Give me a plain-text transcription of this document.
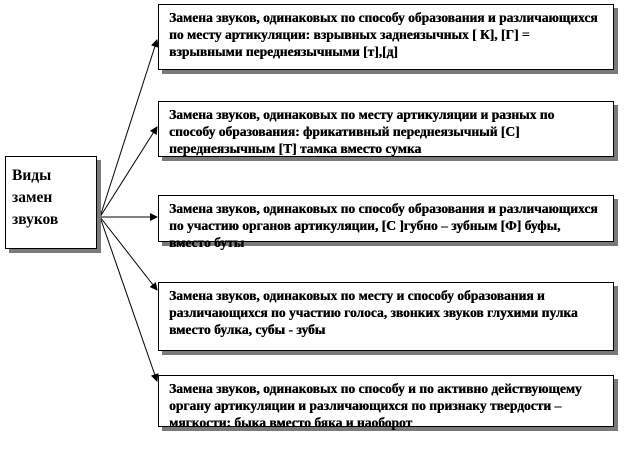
Виды замен звуков
Замена звуков, одинаковых по способу образования и различающихся по месту артикуляции: взрывных заднеязычных [ К], [Г] = взрывными переднеязычными [т],[д]
Замена звуков, одинаковых по месту артикуляции и разных по способу образования: фрикативный переднеязычный [С] переднеязычным [Т] тамка вместо сумка
Замена звуков, одинаковых по способу образования и различающихся по участию органов артикуляции, [С ]губно – зубным [Ф] буфы, вместо буты
Замена звуков, одинаковых по месту и способу образования и различающихся по участию голоса, звонких звуков глухими пулка вместо булка, субы - зубы
Замена звуков, одинаковых по способу и по активно действующему органу артикуляции и различающихся по признаку твердости – мягкости: быка вместо бяка и наоборот
